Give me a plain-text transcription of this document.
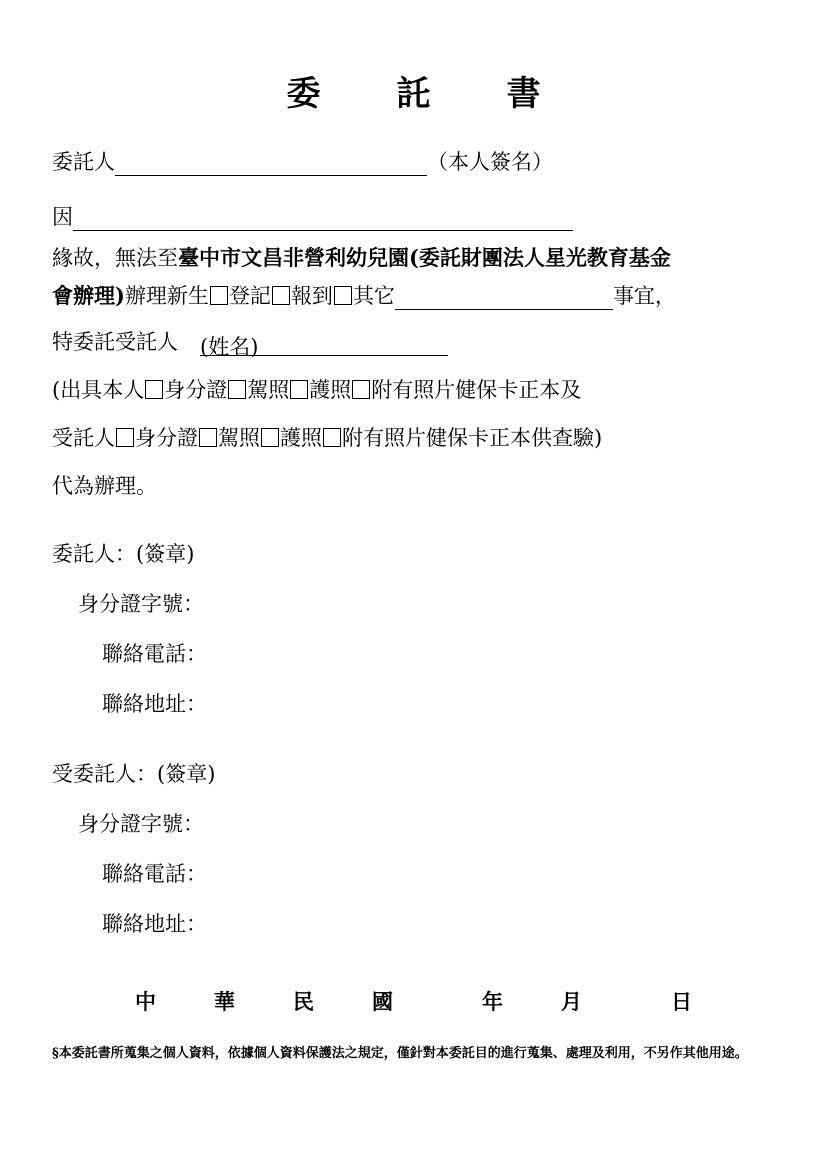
委 託 書
委託人	（本人簽名）
因
緣故，無法至臺中市文昌非營利幼兒園(委託財團法人星光教育基金
會辦理)辦理新生 登記 報到 其它	事宜，
特委託受託人 (姓名)
(出具本人 身分證 駕照 護照 附有照片健保卡正本及
受託人 身分證 駕照 護照 附有照片健保卡正本供查驗)
代為辦理。
委託人：(簽章)
身分證字號：
聯絡電話：
聯絡地址：
受委託人：(簽章)
身分證字號：
聯絡電話：
聯絡地址：
中	華	民	國	年	月	日
§本委託書所蒐集之個人資料，依據個人資料保護法之規定，僅針對本委託目的進行蒐集、處理及利用，不另作其他用途。
